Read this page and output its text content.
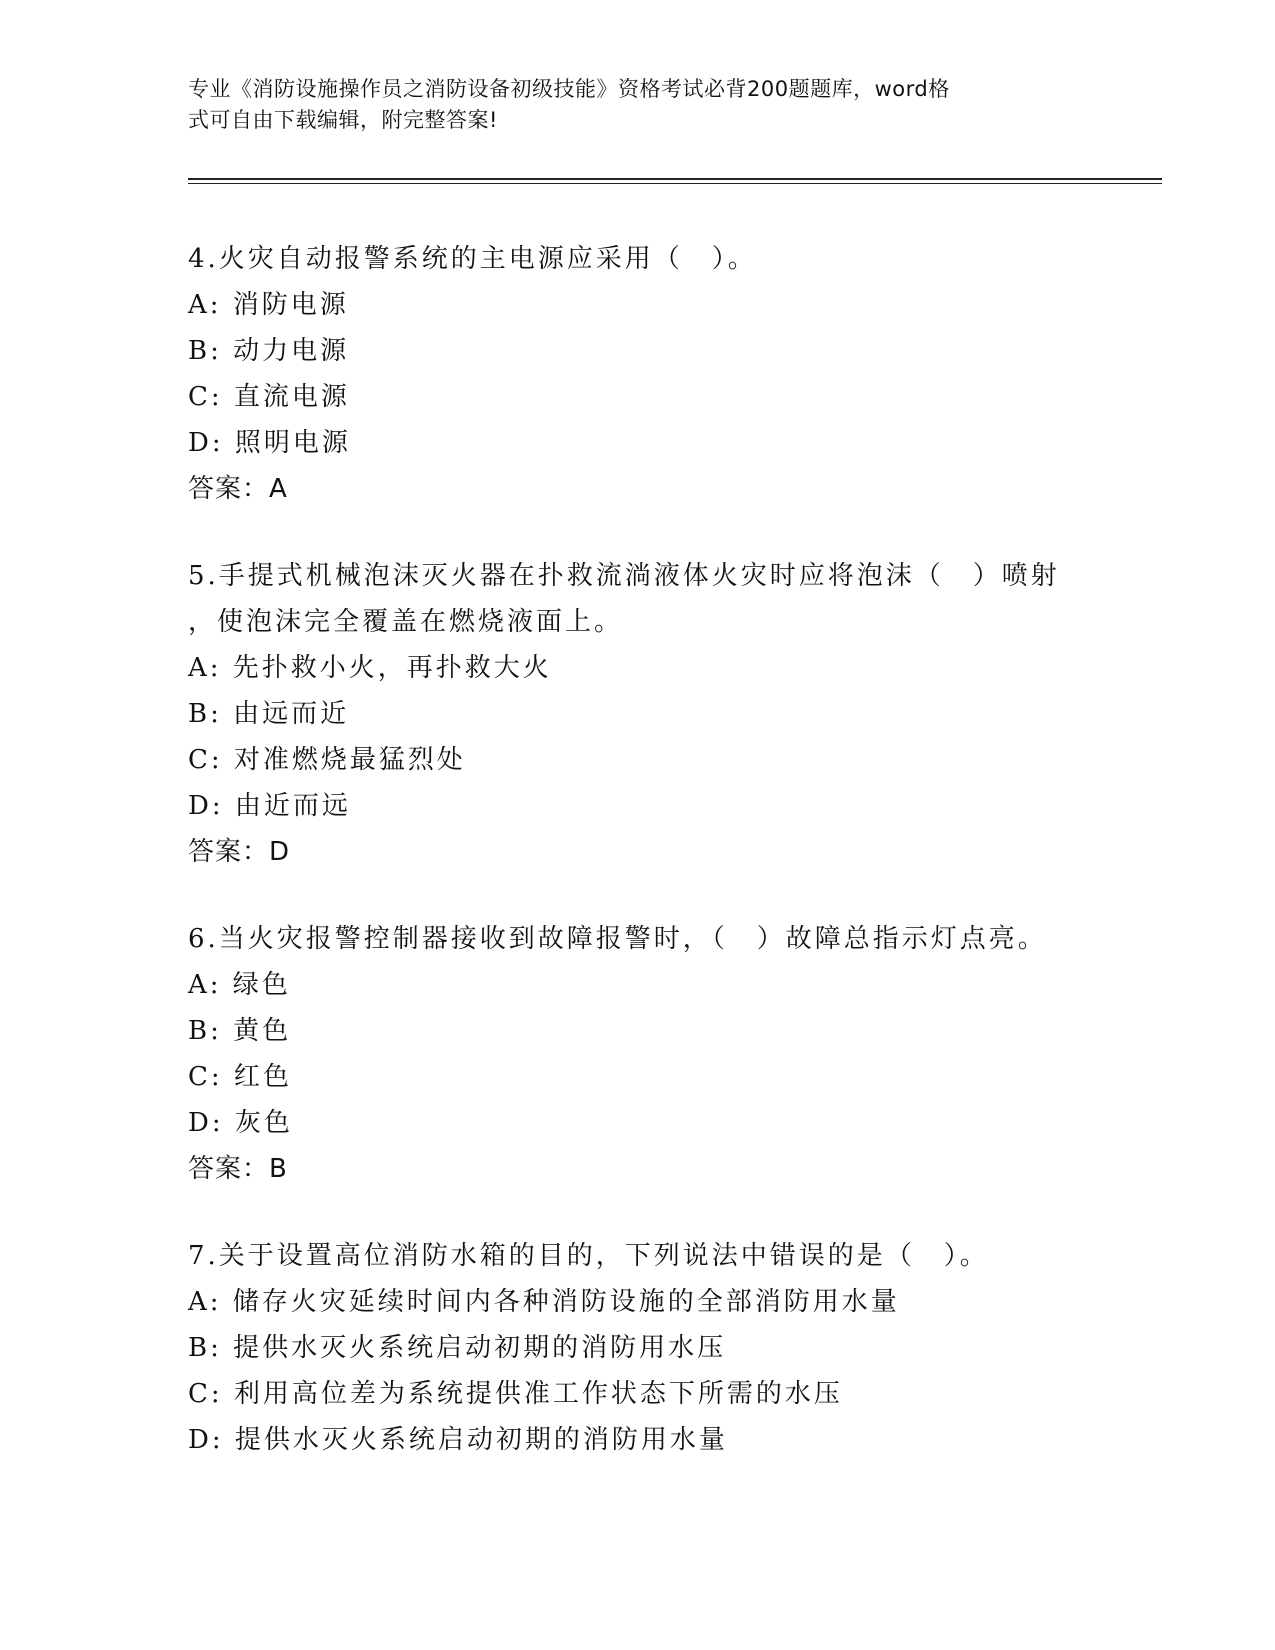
专业《消防设施操作员之消防设备初级技能》资格考试必背200题题库，word格
式可自由下载编辑，附完整答案!
4.火灾自动报警系统的主电源应采用（　）。
A: 消防电源
B: 动力电源
C: 直流电源
D: 照明电源
答案：A
5.手提式机械泡沫灭火器在扑救流淌液体火灾时应将泡沫（　）喷射
，使泡沫完全覆盖在燃烧液面上。
A: 先扑救小火，再扑救大火
B: 由远而近
C: 对准燃烧最猛烈处
D: 由近而远
答案：D
6.当火灾报警控制器接收到故障报警时，（　）故障总指示灯点亮。
A: 绿色
B: 黄色
C: 红色
D: 灰色
答案：B
7.关于设置高位消防水箱的目的，下列说法中错误的是（　）。
A: 储存火灾延续时间内各种消防设施的全部消防用水量
B: 提供水灭火系统启动初期的消防用水压
C: 利用高位差为系统提供准工作状态下所需的水压
D: 提供水灭火系统启动初期的消防用水量
